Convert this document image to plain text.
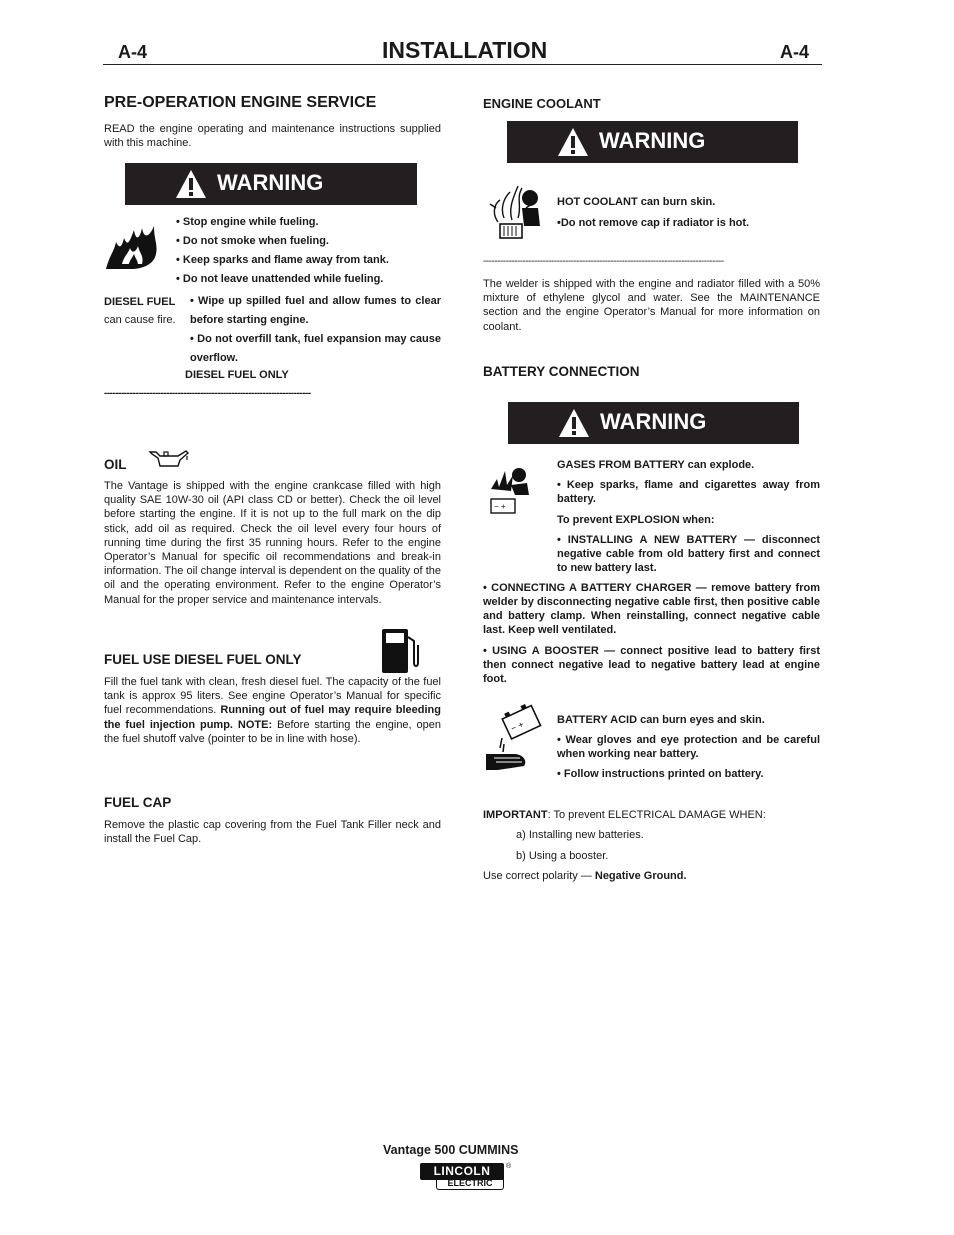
A-4	INSTALLATION	A-4
PRE-OPERATION ENGINE SERVICE

READ the engine operating and maintenance instructions supplied with this machine.

WARNING
• Stop engine while fueling.
• Do not smoke when fueling.
• Keep sparks and flame away from tank.
• Do not leave unattended while fueling.
DIESEL FUEL
can cause fire.
• Wipe up spilled fuel and allow fumes to clear before starting engine.
• Do not overfill tank, fuel expansion may cause overflow.
DIESEL FUEL ONLY
-------------------------------------------------------------------------
OIL

The Vantage is shipped with the engine crankcase filled with high quality SAE 10W-30 oil (API class CD or better). Check the oil level before starting the engine. If it is not up to the full mark on the dip stick, add oil as required. Check the oil level every four hours of running time during the first 35 running hours. Refer to the engine Operator’s Manual for specific oil recommendations and break-in information. The oil change interval is dependent on the quality of the oil and the operating environment. Refer to the engine Operator’s Manual for the proper service and maintenance intervals.

FUEL USE DIESEL FUEL ONLY

Fill the fuel tank with clean, fresh diesel fuel. The capacity of the fuel tank is approx 95 liters. See engine Operator’s Manual for specific fuel recommendations. Running out of fuel may require bleeding the fuel injection pump. NOTE: Before starting the engine, open the fuel shutoff valve (pointer to be in line with hose).

FUEL CAP

Remove the plastic cap covering from the Fuel Tank Filler neck and install the Fuel Cap.

ENGINE COOLANT
WARNING
HOT COOLANT can burn skin.
•Do not remove cap if radiator is hot.
-------------------------------------------------------------------------------------

The welder is shipped with the engine and radiator filled with a 50% mixture of ethylene glycol and water. See the MAINTENANCE section and the engine Operator’s Manual for more information on coolant.

BATTERY CONNECTION
WARNING
− +
GASES FROM BATTERY can explode.
• Keep sparks, flame and cigarettes away from battery.
To prevent EXPLOSION when:
• INSTALLING A NEW BATTERY — disconnect negative cable from old battery first and connect to new battery last.
• CONNECTING A BATTERY CHARGER — remove battery from welder by disconnecting negative cable first, then positive cable and battery clamp. When reinstalling, connect negative cable last. Keep well ventilated.
• USING A BOOSTER — connect positive lead to battery first then connect negative lead to negative battery lead at engine foot.
− +	BATTERY ACID can burn eyes and skin.
• Wear gloves and eye protection and be careful when working near battery.
• Follow instructions printed on battery.
IMPORTANT: To prevent ELECTRICAL DAMAGE WHEN:
a) Installing new batteries.
b) Using a booster.
Use correct polarity — Negative Ground.
Vantage 500 CUMMINS
LINCOLN
ELECTRIC
®
